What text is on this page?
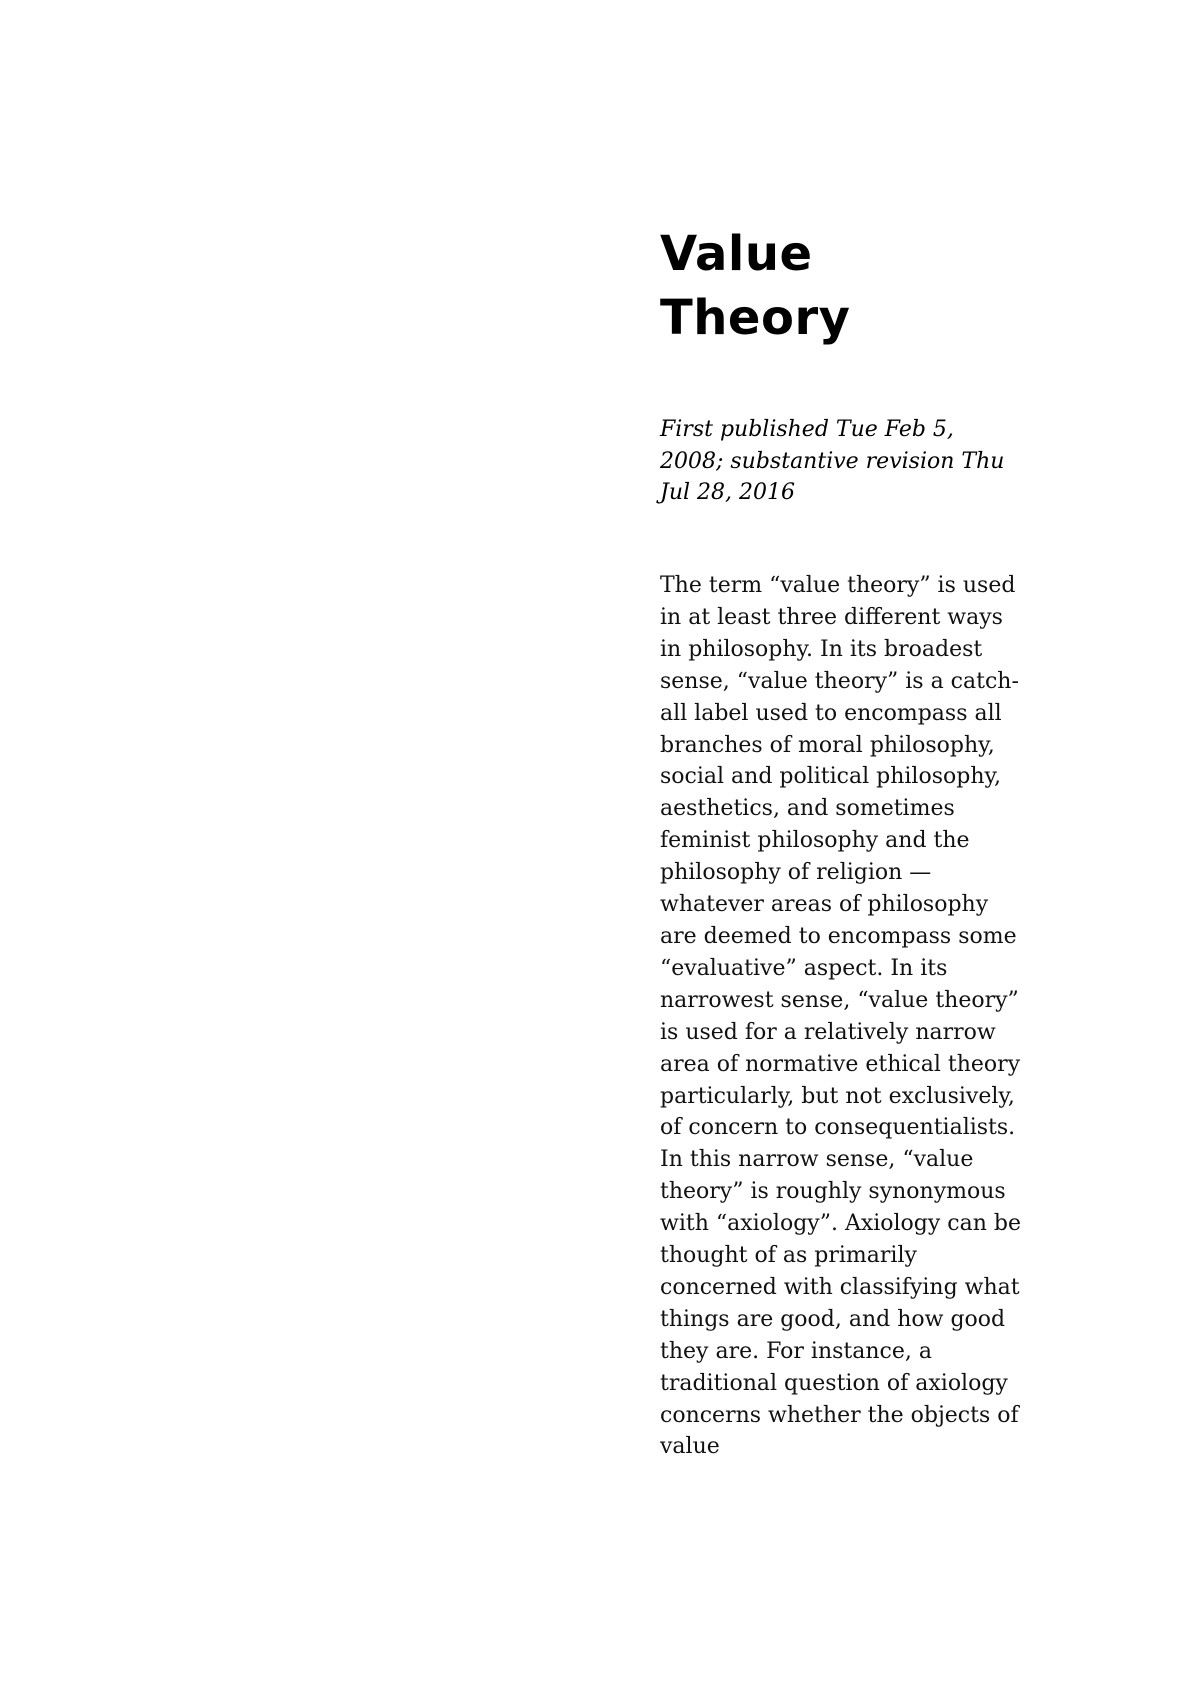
Value
Theory

First published Tue Feb 5, 2008; substantive revision Thu Jul 28, 2016

The term “value theory” is used in at least three different ways in philosophy. In its broadest sense, “value theory” is a catch-all label used to encompass all branches of moral philosophy, social and political philosophy, aesthetics, and sometimes feminist philosophy and the philosophy of religion — whatever areas of philosophy are deemed to encompass some “evaluative” aspect. In its narrowest sense, “value theory” is used for a relatively narrow area of normative ethical theory particularly, but not exclusively, of concern to consequentialists. In this narrow sense, “value theory” is roughly synonymous with “axiology”. Axiology can be thought of as primarily concerned with classifying what things are good, and how good they are. For instance, a traditional question of axiology concerns whether the objects of value
